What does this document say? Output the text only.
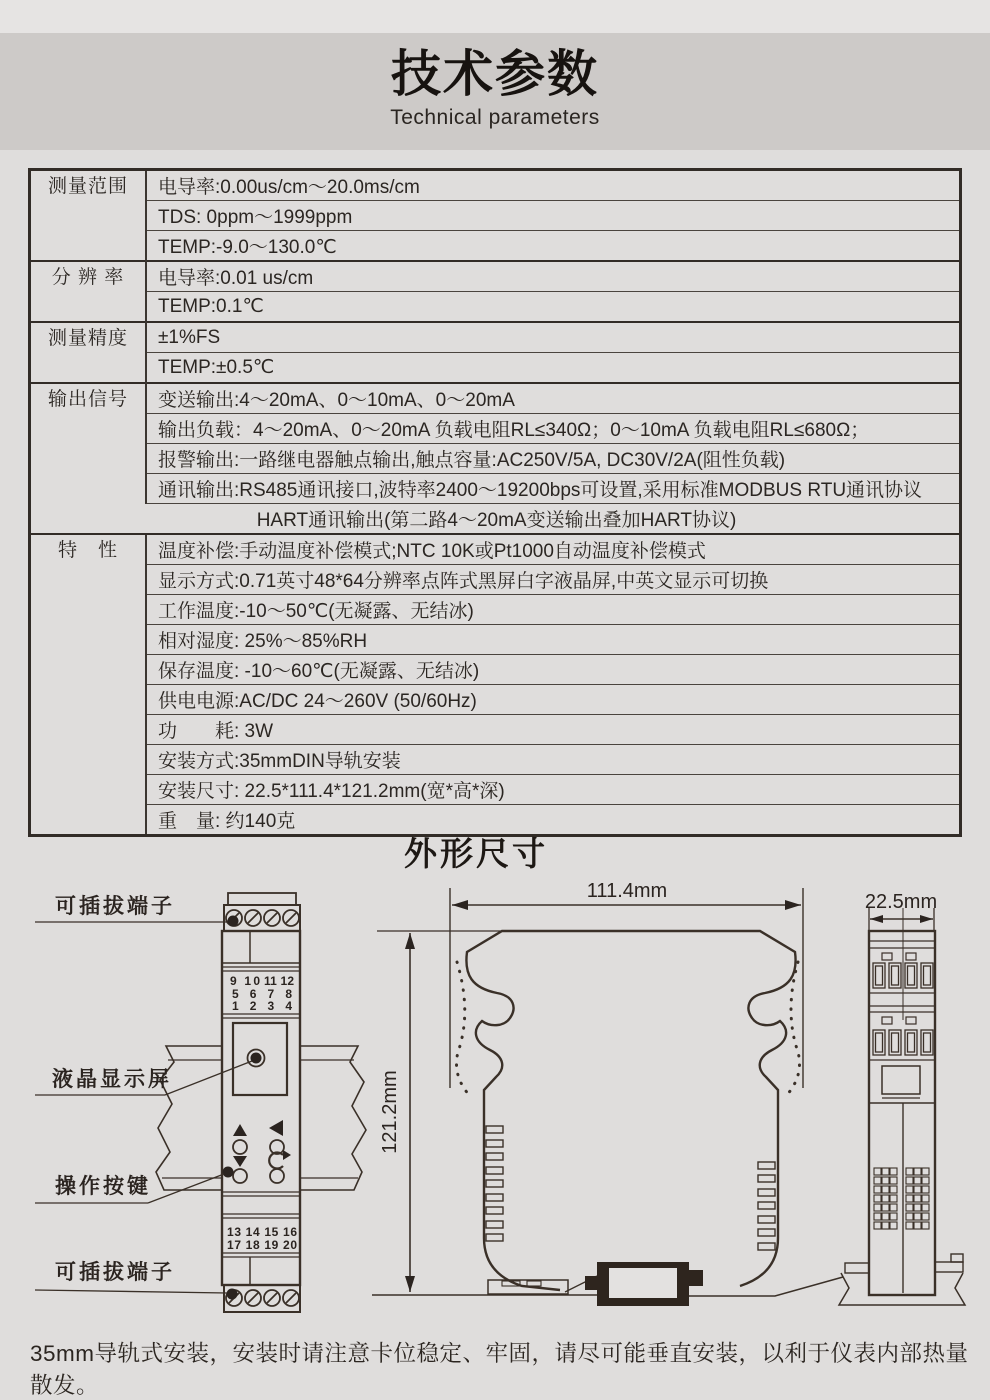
技术参数

Technical parameters

测量范围	电导率:0.00us/cm～20.0ms/cm
	TDS: 0ppm～1999ppm
	TEMP:-9.0～130.0℃
分 辨 率	电导率:0.01 us/cm
	TEMP:0.1℃
测量精度	±1%FS
	TEMP:±0.5℃
输出信号	变送输出:4～20mA、0～10mA、0～20mA
	输出负载：4～20mA、0～20mA 负载电阻RL≤340Ω；0～10mA 负载电阻RL≤680Ω；
	报警输出:一路继电器触点输出,触点容量:AC250V/5A, DC30V/2A(阻性负载)
	通讯输出:RS485通讯接口,波特率2400～19200bps可设置,采用标准MODBUS RTU通讯协议
	HART通讯输出(第二路4～20mA变送输出叠加HART协议)
特　性	温度补偿:手动温度补偿模式;NTC 10K或Pt1000自动温度补偿模式
	显示方式:0.71英寸48*64分辨率点阵式黑屏白字液晶屏,中英文显示可切换
	工作温度:-10～50℃(无凝露、无结冰)
	相对湿度: 25%～85%RH
	保存温度: -10～60℃(无凝露、无结冰)
	供电电源:AC/DC 24～260V (50/60Hz)
	功　　耗: 3W
	安装方式:35mmDIN导轨安装
	安装尺寸: 22.5*111.4*121.2mm(宽*高*深)
	重　量: 约140克
外形尺寸
9 10 11 12
5 6 7 8
1 2 3 4
13 14 15 16
17 18 19 20
可插拔端子
液晶显示屏
操作按键
可插拔端子
111.4mm
121.2mm
22.5mm
35mm导轨式安装，安装时请注意卡位稳定、牢固，请尽可能垂直安装，以利于仪表内部热量散发。
